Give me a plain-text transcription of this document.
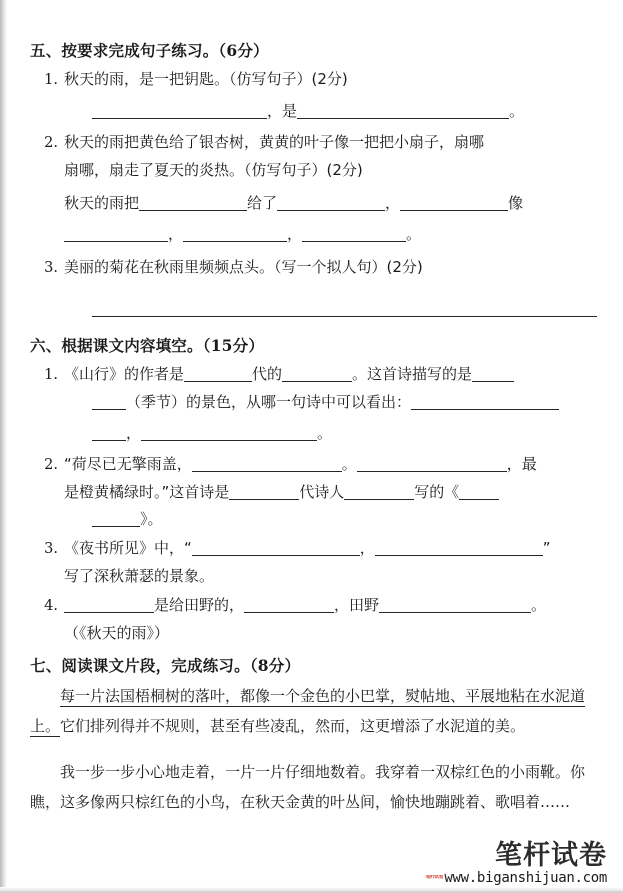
五、按要求完成句子练习。（6分）
1. 秋天的雨，是一把钥匙。（仿写句子）(2分)
，是	。
2. 秋天的雨把黄色给了银杏树，黄黄的叶子像一把把小扇子，扇哪
扇哪，扇走了夏天的炎热。（仿写句子）(2分)
秋天的雨把	给了	，	像
，	，	。
3. 美丽的菊花在秋雨里频频点头。（写一个拟人句）(2分)
六、根据课文内容填空。（15分）
1. 《山行》的作者是	代的	。这首诗描写的是
（季节）的景色，从哪一句诗中可以看出：
，	。
2. “荷尽已无擎雨盖，	。	，最
是橙黄橘绿时。”这首诗是	代诗人	写的《
》。
3. 《夜书所见》中，“	，	”
写了深秋萧瑟的景象。
4.	是给田野的，	，田野	。
（《秋天的雨》）
七、阅读课文片段，完成练习。（8分）

每一片法国梧桐树的落叶，都像一个金色的小巴掌，熨帖地、平展地粘在水泥道上。它们排列得并不规则，甚至有些凌乱，然而，这更增添了水泥道的美。

我一步一步小心地走着，一片一片仔细地数着。我穿着一双棕红色的小雨靴。你瞧，这多像两只棕红色的小鸟，在秋天金黄的叶丛间，愉快地蹦跳着、歌唱着……

笔杆试卷
笔杆试卷www.biganshijuan.com
